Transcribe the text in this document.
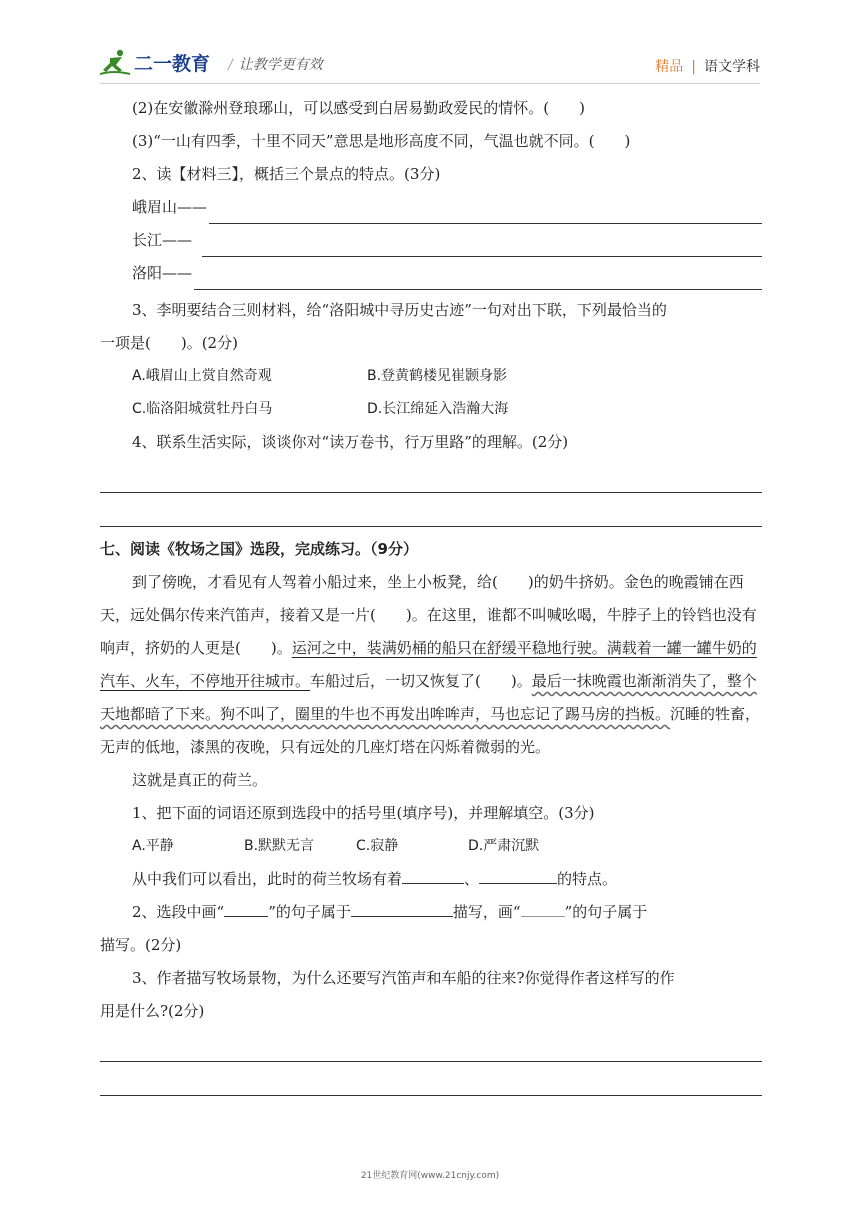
二一教育 / 让教学更有效	精品 | 语文学科

(2)在安徽滁州登琅琊山，可以感受到白居易勤政爱民的情怀。(　　)

(3)“一山有四季，十里不同天”意思是地形高度不同，气温也就不同。(　　)

2、读【材料三】，概括三个景点的特点。(3分)

峨眉山——
长江——
洛阳——

3、李明要结合三则材料，给“洛阳城中寻历史古迹”一句对出下联，下列最恰当的

一项是(　　)。(2分)

A.峨眉山上赏自然奇观	B.登黄鹤楼见崔颢身影
C.临洛阳城赏牡丹白马	D.长江绵延入浩瀚大海

4、联系生活实际，谈谈你对“读万卷书，行万里路”的理解。(2分)

七、阅读《牧场之国》选段，完成练习。（9分）

到了傍晚，才看见有人驾着小船过来，坐上小板凳，给(　　)的奶牛挤奶。金色的晚霞铺在西天，远处偶尔传来汽笛声，接着又是一片(　　)。在这里，谁都不叫喊吆喝，牛脖子上的铃铛也没有响声，挤奶的人更是(　　)。运河之中，装满奶桶的船只在舒缓平稳地行驶。满载着一罐一罐牛奶的汽车、火车，不停地开往城市。车船过后，一切又恢复了(　　)。最后一抹晚霞也渐渐消失了，整个天地都暗了下来。狗不叫了，圈里的牛也不再发出哞哞声，马也忘记了踢马房的挡板。沉睡的牲畜，无声的低地，漆黑的夜晚，只有远处的几座灯塔在闪烁着微弱的光。

这就是真正的荷兰。

1、把下面的词语还原到选段中的括号里(填序号)，并理解填空。(3分)

A.平静	B.默默无言	C.寂静	D.严肃沉默

从中我们可以看出，此时的荷兰牧场有着	、	的特点。

2、选段中画“	”的句子属于	描写，画“	”的句子属于

描写。(2分)

3、作者描写牧场景物，为什么还要写汽笛声和车船的往来?你觉得作者这样写的作

用是什么?(2分)

21世纪教育网(www.21cnjy.com)
